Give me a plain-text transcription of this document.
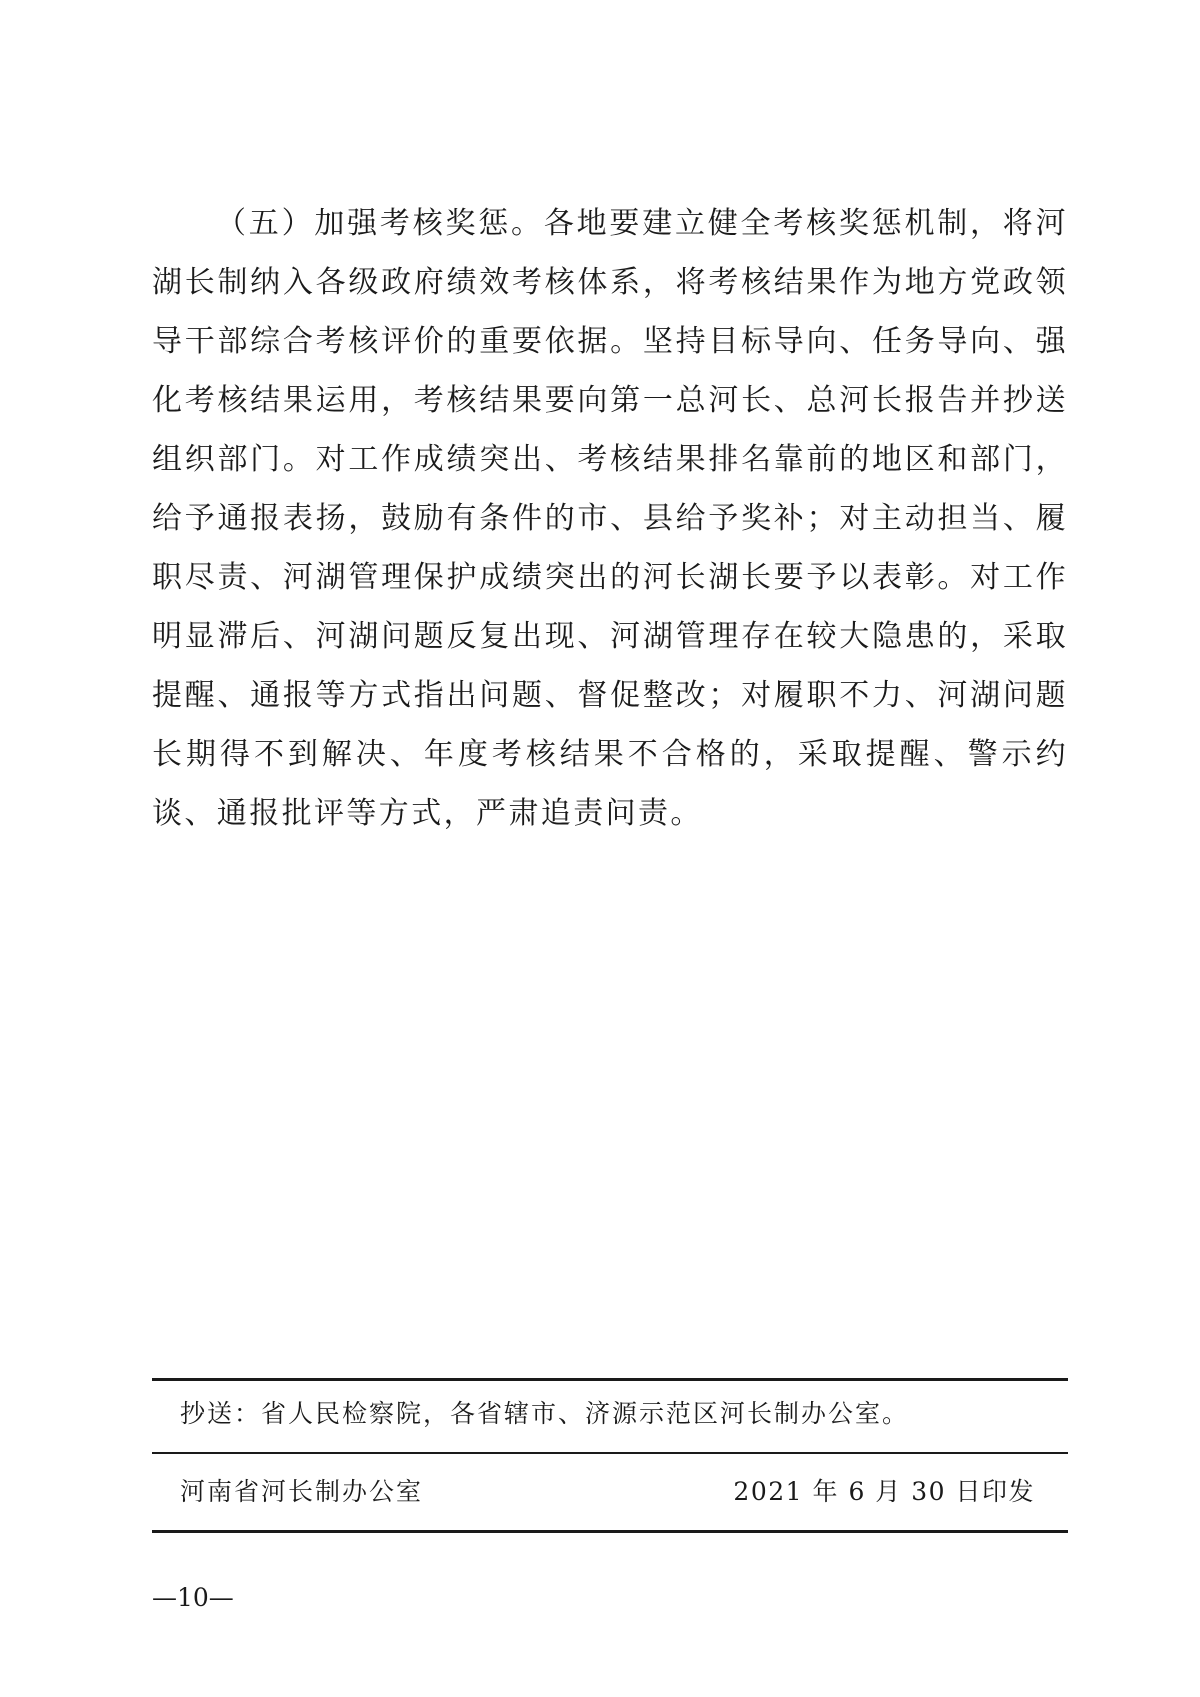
（五）加强考核奖惩。各地要建立健全考核奖惩机制，将河湖长制纳入各级政府绩效考核体系，将考核结果作为地方党政领导干部综合考核评价的重要依据。坚持目标导向、任务导向、强化考核结果运用，考核结果要向第一总河长、总河长报告并抄送组织部门。对工作成绩突出、考核结果排名靠前的地区和部门，给予通报表扬，鼓励有条件的市、县给予奖补；对主动担当、履职尽责、河湖管理保护成绩突出的河长湖长要予以表彰。对工作明显滞后、河湖问题反复出现、河湖管理存在较大隐患的，采取提醒、通报等方式指出问题、督促整改；对履职不力、河湖问题长期得不到解决、年度考核结果不合格的，采取提醒、警示约谈、通报批评等方式，严肃追责问责。

抄送：省人民检察院，各省辖市、济源示范区河长制办公室。

河南省河长制办公室	2021 年 6 月 30 日印发

—10—
